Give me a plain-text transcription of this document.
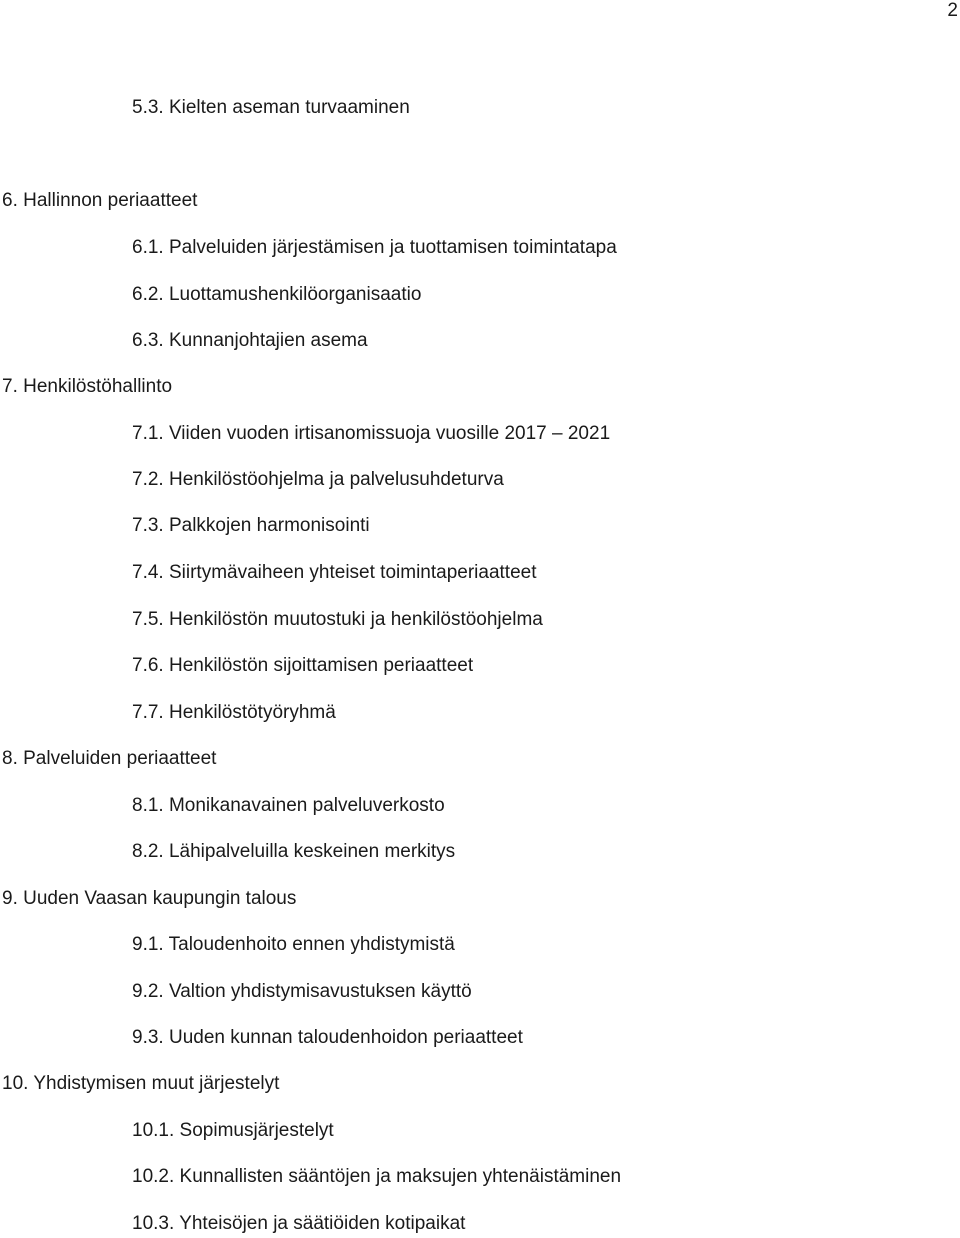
2
5.3. Kielten aseman turvaaminen
6. Hallinnon periaatteet
6.1. Palveluiden järjestämisen ja tuottamisen toimintatapa
6.2. Luottamushenkilöorganisaatio
6.3. Kunnanjohtajien asema
7. Henkilöstöhallinto
7.1. Viiden vuoden irtisanomissuoja vuosille 2017 – 2021
7.2. Henkilöstöohjelma ja palvelusuhdeturva
7.3. Palkkojen harmonisointi
7.4. Siirtymävaiheen yhteiset toimintaperiaatteet
7.5. Henkilöstön muutostuki ja henkilöstöohjelma
7.6. Henkilöstön sijoittamisen periaatteet
7.7. Henkilöstötyöryhmä
8. Palveluiden periaatteet
8.1. Monikanavainen palveluverkosto
8.2. Lähipalveluilla keskeinen merkitys
9. Uuden Vaasan kaupungin talous
9.1. Taloudenhoito ennen yhdistymistä
9.2. Valtion yhdistymisavustuksen käyttö
9.3. Uuden kunnan taloudenhoidon periaatteet
10. Yhdistymisen muut järjestelyt
10.1. Sopimusjärjestelyt
10.2. Kunnallisten sääntöjen ja maksujen yhtenäistäminen
10.3. Yhteisöjen ja säätiöiden kotipaikat
